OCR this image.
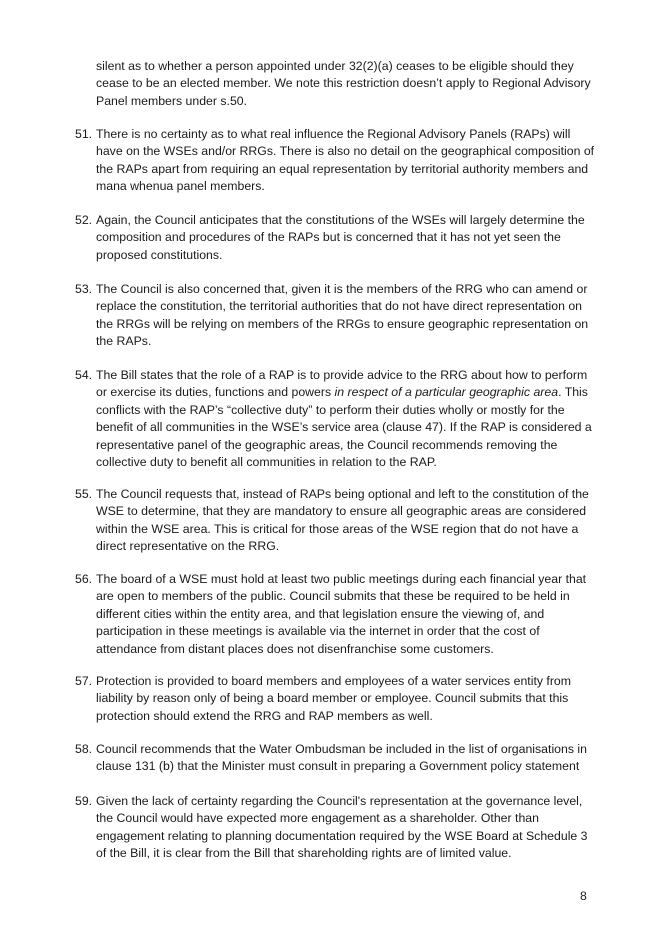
silent as to whether a person appointed under 32(2)(a) ceases to be eligible should they cease to be an elected member. We note this restriction doesn’t apply to Regional Advisory Panel members under s.50.

51. There is no certainty as to what real influence the Regional Advisory Panels (RAPs) will have on the WSEs and/or RRGs. There is also no detail on the geographical composition of the RAPs apart from requiring an equal representation by territorial authority members and mana whenua panel members.
52. Again, the Council anticipates that the constitutions of the WSEs will largely determine the composition and procedures of the RAPs but is concerned that it has not yet seen the proposed constitutions.
53. The Council is also concerned that, given it is the members of the RRG who can amend or replace the constitution, the territorial authorities that do not have direct representation on the RRGs will be relying on members of the RRGs to ensure geographic representation on the RAPs.
54. The Bill states that the role of a RAP is to provide advice to the RRG about how to perform or exercise its duties, functions and powers in respect of a particular geographic area. This conflicts with the RAP’s “collective duty” to perform their duties wholly or mostly for the benefit of all communities in the WSE’s service area (clause 47). If the RAP is considered a representative panel of the geographic areas, the Council recommends removing the collective duty to benefit all communities in relation to the RAP.
55. The Council requests that, instead of RAPs being optional and left to the constitution of the WSE to determine, that they are mandatory to ensure all geographic areas are considered within the WSE area. This is critical for those areas of the WSE region that do not have a direct representative on the RRG.
56. The board of a WSE must hold at least two public meetings during each financial year that are open to members of the public. Council submits that these be required to be held in different cities within the entity area, and that legislation ensure the viewing of, and participation in these meetings is available via the internet in order that the cost of attendance from distant places does not disenfranchise some customers.
57. Protection is provided to board members and employees of a water services entity from liability by reason only of being a board member or employee. Council submits that this protection should extend the RRG and RAP members as well.
58. Council recommends that the Water Ombudsman be included in the list of organisations in clause 131 (b) that the Minister must consult in preparing a Government policy statement
59. Given the lack of certainty regarding the Council's representation at the governance level, the Council would have expected more engagement as a shareholder. Other than engagement relating to planning documentation required by the WSE Board at Schedule 3 of the Bill, it is clear from the Bill that shareholding rights are of limited value.

8
